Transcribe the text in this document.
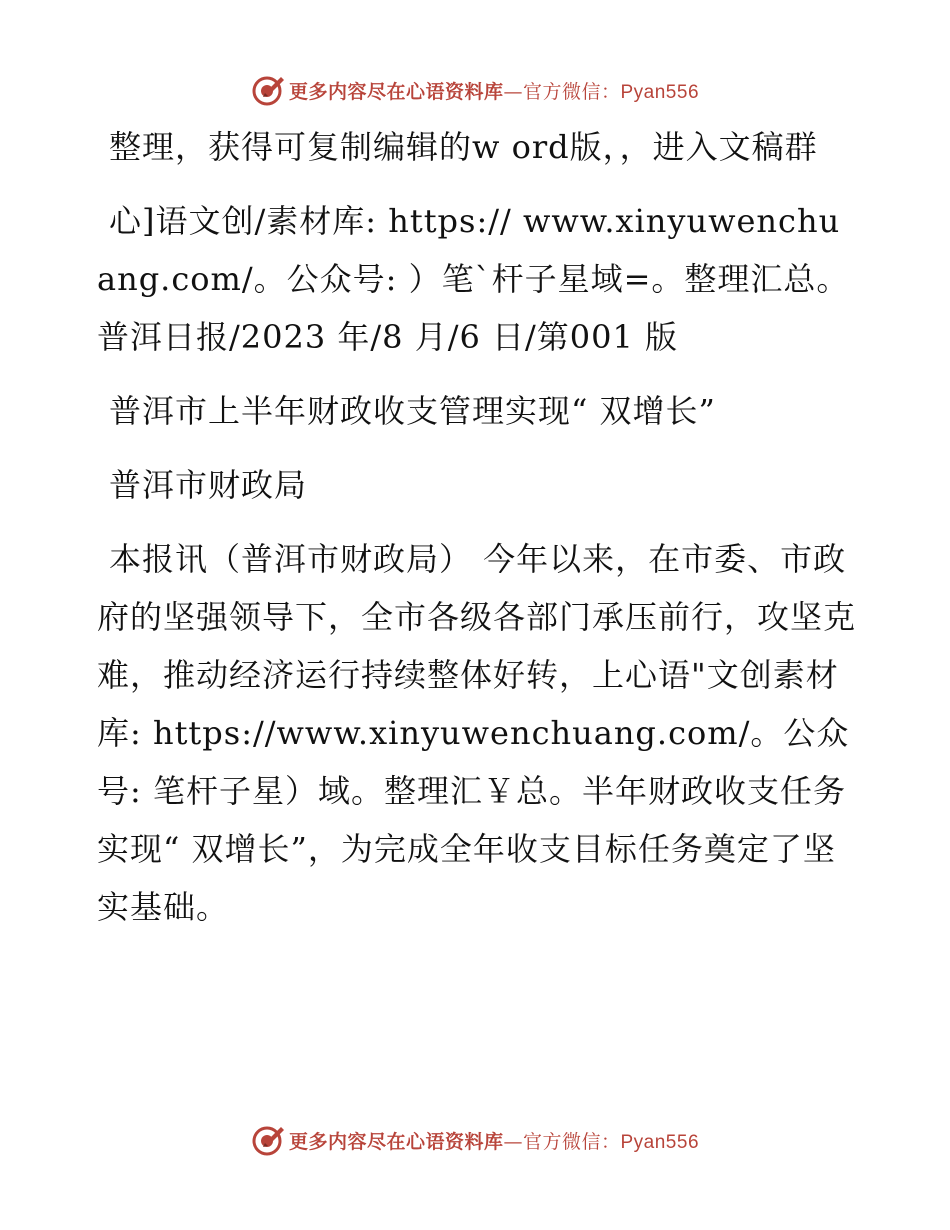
更多内容尽在心语资料库—官方微信：Pyan556

整理，获得可复制编辑的w ord版，，进入文稿群

心]语文创/素材库: https:// www.xinyuwenchuang.com/。公众号: ）笔`杆子星域=。整理汇总。普洱日报/2023 年/8 月/6 日/第001 版

普洱市上半年财政收支管理实现“ 双增长”

普洱市财政局

本报讯（普洱市财政局） 今年以来，在市委、市政府的坚强领导下，全市各级各部门承压前行，攻坚克难，推动经济运行持续整体好转，上心语"文创素材库: https://www.xinyuwenchuang.com/。公众号: 笔杆子星）域。整理汇￥总。半年财政收支任务实现“ 双增长”，为完成全年收支目标任务奠定了坚实基础。

更多内容尽在心语资料库—官方微信：Pyan556
